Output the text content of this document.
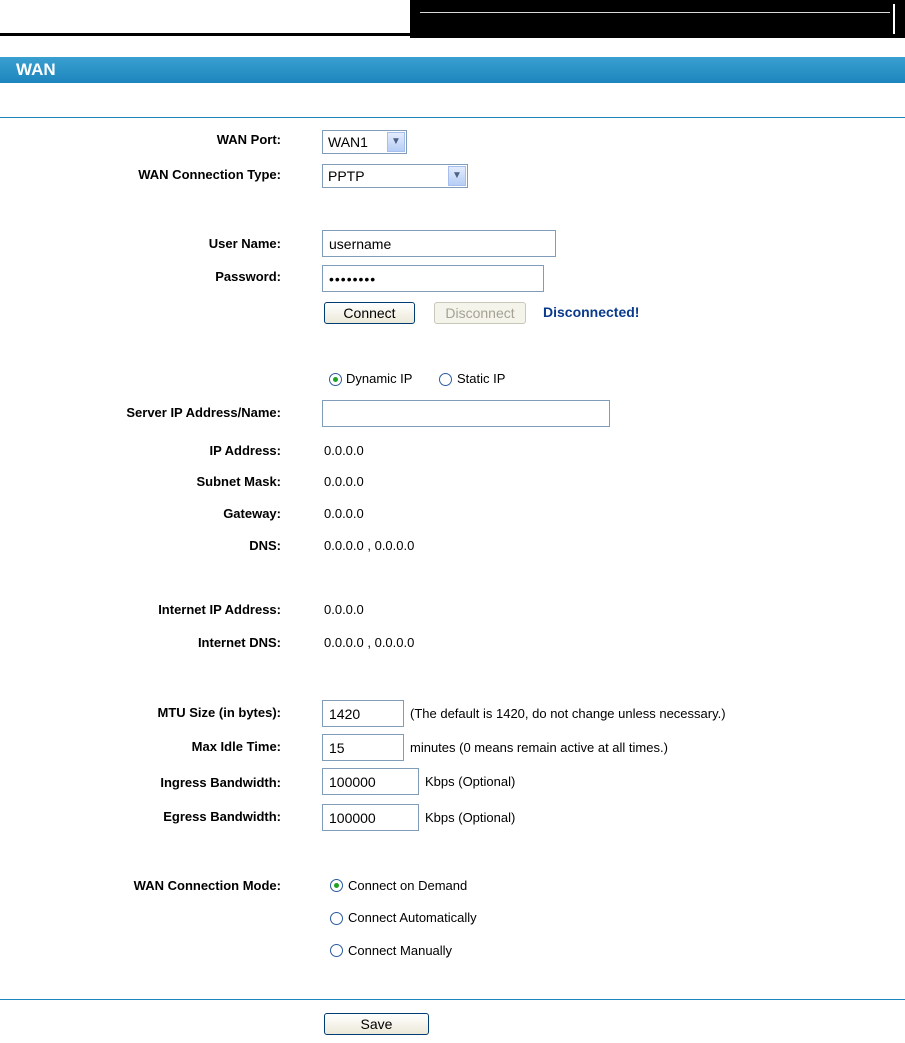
WAN
WAN Port:	WAN1	▼
WAN Connection Type:	PPTP	▼
User Name:
username
Password:
••••••••
Connect	Disconnect	Disconnected!
Dynamic IP	Static IP
Server IP Address/Name:
IP Address:	0.0.0.0
Subnet Mask:	0.0.0.0
Gateway:	0.0.0.0
DNS:	0.0.0.0 , 0.0.0.0
Internet IP Address:	0.0.0.0
Internet DNS:	0.0.0.0 , 0.0.0.0
MTU Size (in bytes):
1420	(The default is 1420, do not change unless necessary.)
Max Idle Time:
15	minutes (0 means remain active at all times.)
Ingress Bandwidth:
100000	Kbps (Optional)
Egress Bandwidth:
100000	Kbps (Optional)
WAN Connection Mode:	Connect on Demand
Connect Automatically
Connect Manually
Save
